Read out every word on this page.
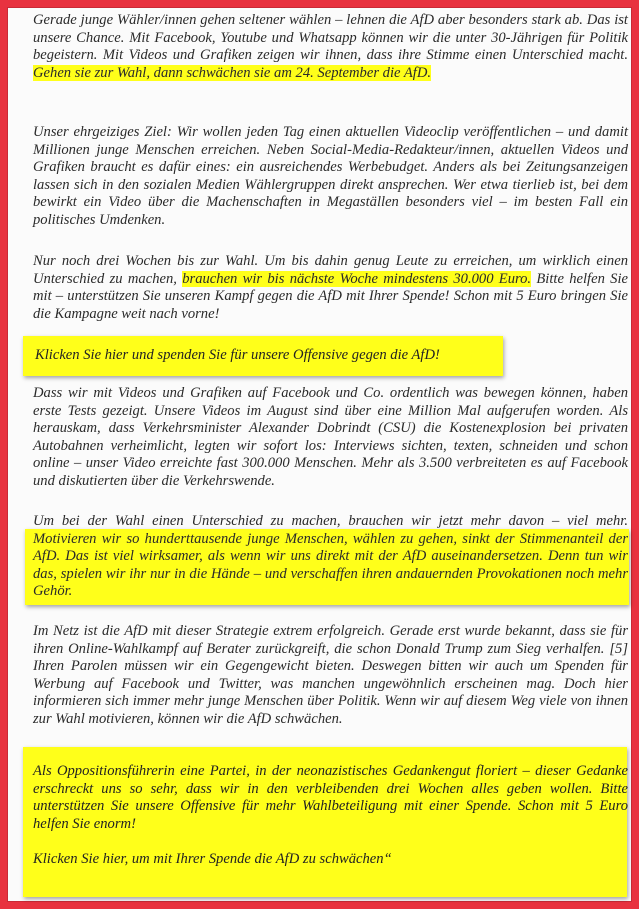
Gerade junge Wähler/innen gehen seltener wählen – lehnen die AfD aber besonders stark ab. Das ist unsere Chance. Mit Facebook, Youtube und Whatsapp können wir die unter 30-Jährigen für Politik begeistern. Mit Videos und Grafiken zeigen wir ihnen, dass ihre Stimme einen Unterschied macht. Gehen sie zur Wahl, dann schwächen sie am 24. September die AfD.

Unser ehrgeiziges Ziel: Wir wollen jeden Tag einen aktuellen Videoclip veröffentlichen – und damit Millionen junge Menschen erreichen. Neben Social-Media-Redakteur/innen, aktuellen Videos und Grafiken braucht es dafür eines: ein ausreichendes Werbebudget. Anders als bei Zeitungsanzeigen lassen sich in den sozialen Medien Wählergruppen direkt ansprechen. Wer etwa tierlieb ist, bei dem bewirkt ein Video über die Machenschaften in Megaställen besonders viel – im besten Fall ein politisches Umdenken.

Nur noch drei Wochen bis zur Wahl. Um bis dahin genug Leute zu erreichen, um wirklich einen Unterschied zu machen, brauchen wir bis nächste Woche mindestens 30.000 Euro. Bitte helfen Sie mit – unterstützen Sie unseren Kampf gegen die AfD mit Ihrer Spende! Schon mit 5 Euro bringen Sie die Kampagne weit nach vorne!

Klicken Sie hier und spenden Sie für unsere Offensive gegen die AfD!

Dass wir mit Videos und Grafiken auf Facebook und Co. ordentlich was bewegen können, haben erste Tests gezeigt. Unsere Videos im August sind über eine Million Mal aufgerufen worden. Als herauskam, dass Verkehrsminister Alexander Dobrindt (CSU) die Kostenexplosion bei privaten Autobahnen verheimlicht, legten wir sofort los: Interviews sichten, texten, schneiden und schon online – unser Video erreichte fast 300.000 Menschen. Mehr als 3.500 verbreiteten es auf Facebook und diskutierten über die Verkehrswende.

Um bei der Wahl einen Unterschied zu machen, brauchen wir jetzt mehr davon – viel mehr. Motivieren wir so hunderttausende junge Menschen, wählen zu gehen, sinkt der Stimmenanteil der AfD. Das ist viel wirksamer, als wenn wir uns direkt mit der AfD auseinandersetzen. Denn tun wir das, spielen wir ihr nur in die Hände – und verschaffen ihren andauernden Provokationen noch mehr Gehör.

Im Netz ist die AfD mit dieser Strategie extrem erfolgreich. Gerade erst wurde bekannt, dass sie für ihren Online-Wahlkampf auf Berater zurückgreift, die schon Donald Trump zum Sieg verhalfen. [5] Ihren Parolen müssen wir ein Gegengewicht bieten. Deswegen bitten wir auch um Spenden für Werbung auf Facebook und Twitter, was manchen ungewöhnlich erscheinen mag. Doch hier informieren sich immer mehr junge Menschen über Politik. Wenn wir auf diesem Weg viele von ihnen zur Wahl motivieren, können wir die AfD schwächen.

Als Oppositionsführerin eine Partei, in der neonazistisches Gedankengut floriert – dieser Gedanke erschreckt uns so sehr, dass wir in den verbleibenden drei Wochen alles geben wollen. Bitte unterstützen Sie unsere Offensive für mehr Wahlbeteiligung mit einer Spende. Schon mit 5 Euro helfen Sie enorm!
Klicken Sie hier, um mit Ihrer Spende die AfD zu schwächen“
